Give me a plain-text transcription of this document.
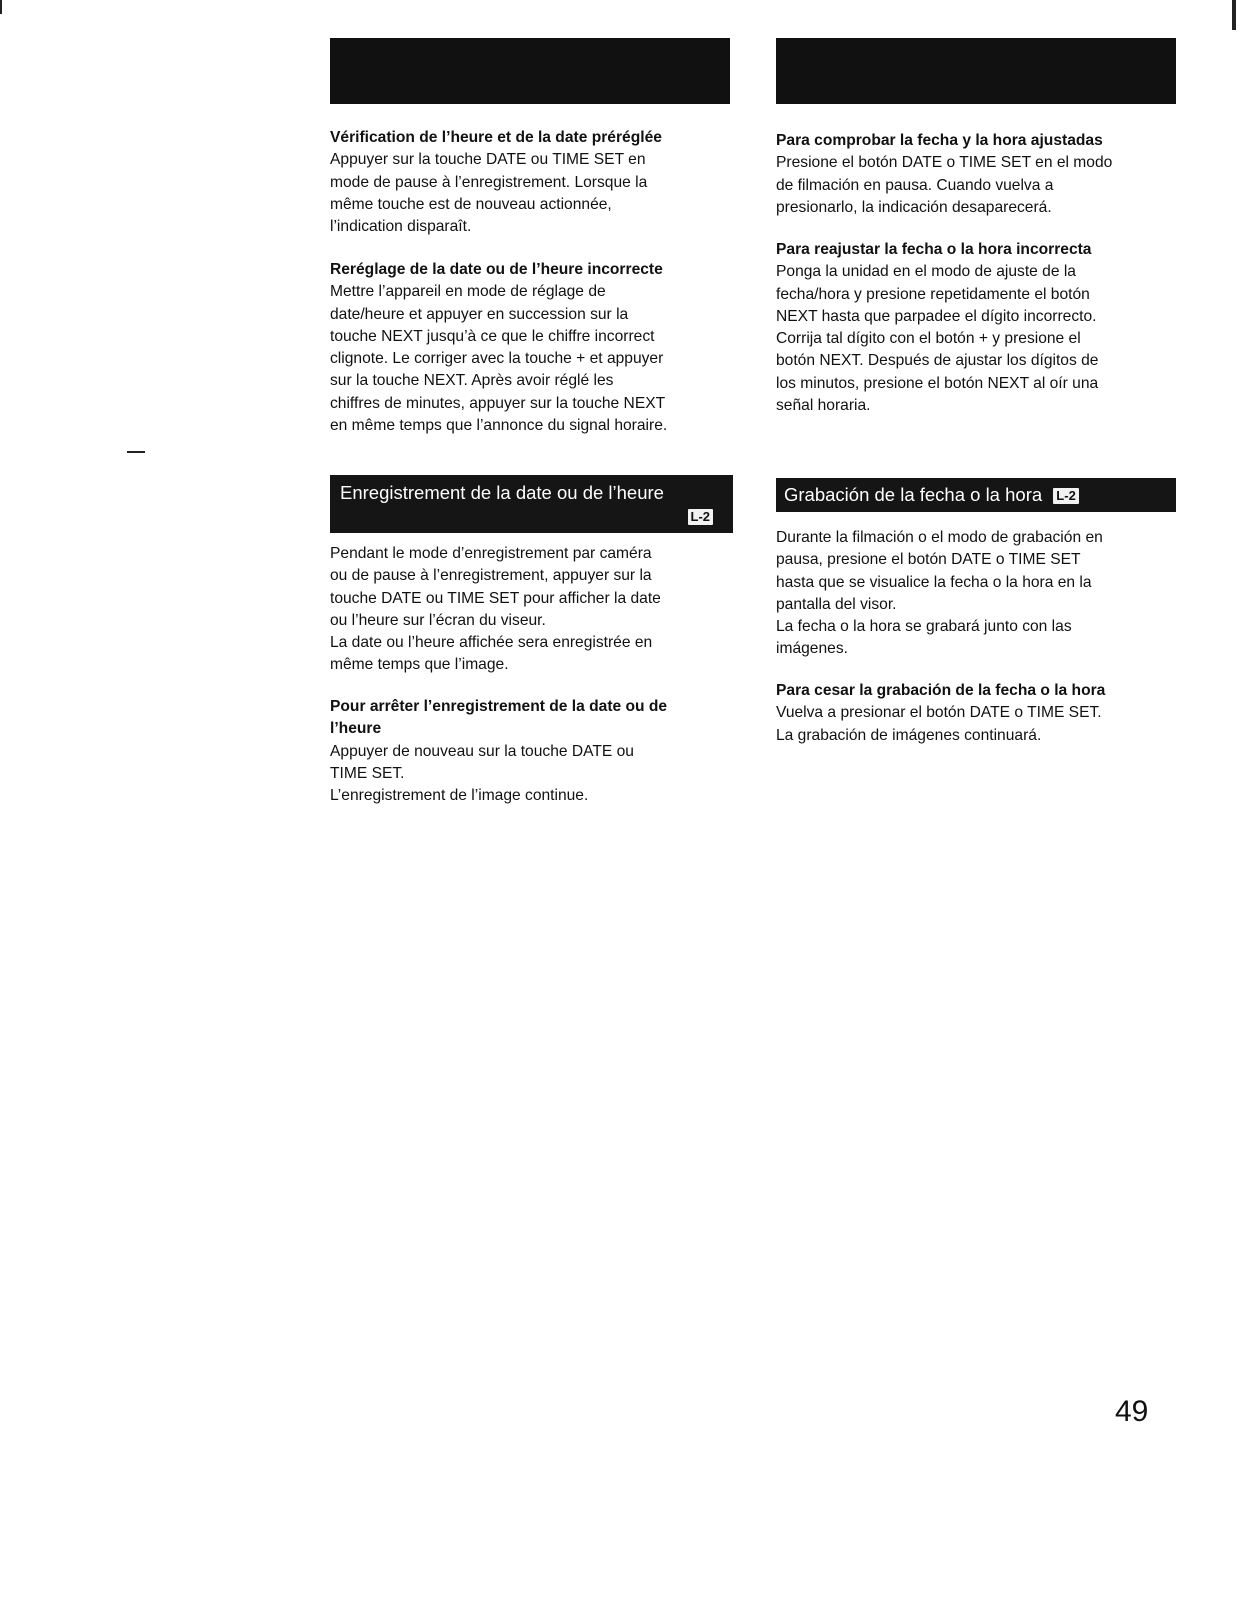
Vérification de l’heure et de la date préréglée

Appuyer sur la touche DATE ou TIME SET en

mode de pause à l’enregistrement. Lorsque la

même touche est de nouveau actionnée,

l’indication disparaît.

Reréglage de la date ou de l’heure incorrecte

Mettre l’appareil en mode de réglage de

date/heure et appuyer en succession sur la

touche NEXT jusqu’à ce que le chiffre incorrect

clignote. Le corriger avec la touche + et appuyer

sur la touche NEXT. Après avoir réglé les

chiffres de minutes, appuyer sur la touche NEXT

en même temps que l’annonce du signal horaire.

Enregistrement de la date ou de l’heure
L-2

Pendant le mode d’enregistrement par caméra

ou de pause à l’enregistrement, appuyer sur la

touche DATE ou TIME SET pour afficher la date

ou l’heure sur l’écran du viseur.

La date ou l’heure affichée sera enregistrée en

même temps que l’image.

Pour arrêter l’enregistrement de la date ou de
l’heure

Appuyer de nouveau sur la touche DATE ou

TIME SET.

L’enregistrement de l’image continue.

Para comprobar la fecha y la hora ajustadas

Presione el botón DATE o TIME SET en el modo

de filmación en pausa. Cuando vuelva a

presionarlo, la indicación desaparecerá.

Para reajustar la fecha o la hora incorrecta

Ponga la unidad en el modo de ajuste de la

fecha/hora y presione repetidamente el botón

NEXT hasta que parpadee el dígito incorrecto.

Corrija tal dígito con el botón + y presione el

botón NEXT. Después de ajustar los dígitos de

los minutos, presione el botón NEXT al oír una

señal horaria.

Grabación de la fecha o la hora L-2

Durante la filmación o el modo de grabación en

pausa, presione el botón DATE o TIME SET

hasta que se visualice la fecha o la hora en la

pantalla del visor.

La fecha o la hora se grabará junto con las

imágenes.

Para cesar la grabación de la fecha o la hora

Vuelva a presionar el botón DATE o TIME SET.

La grabación de imágenes continuará.

49
